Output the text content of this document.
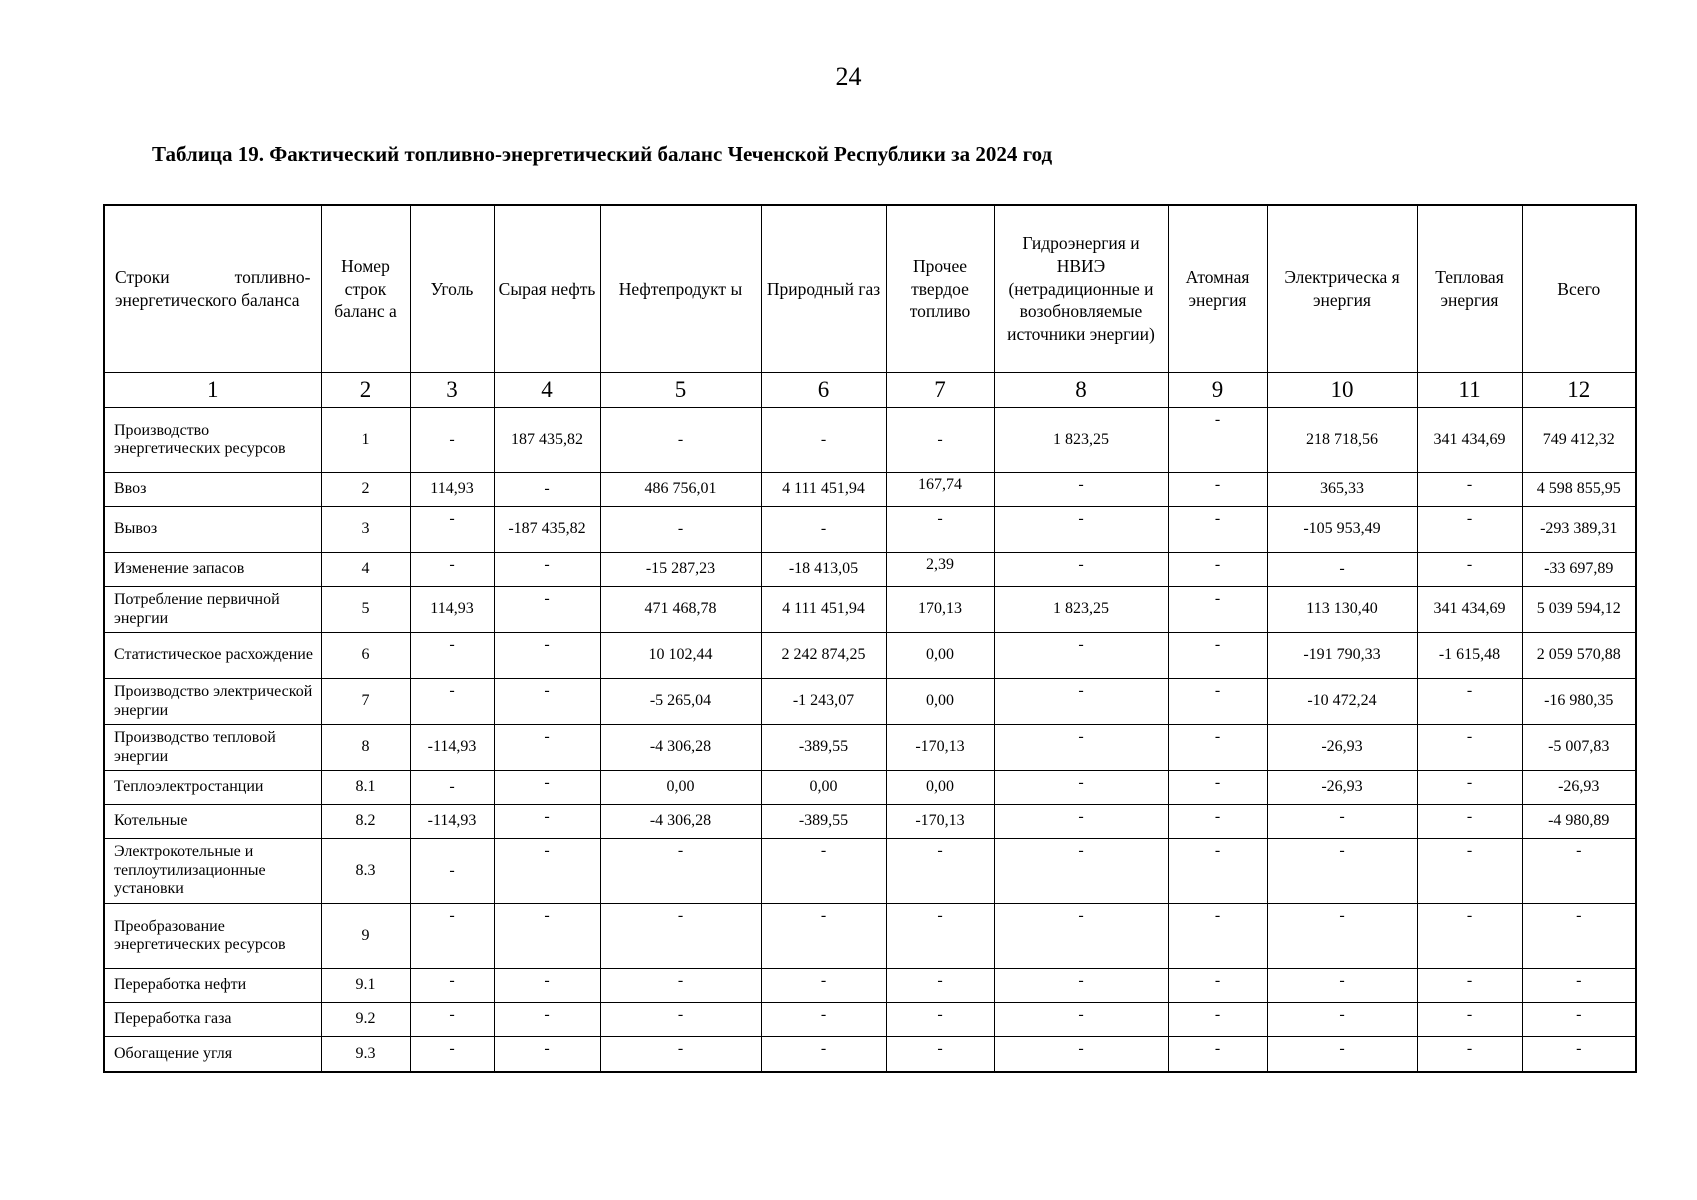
24
Таблица 19. Фактический топливно-энергетический баланс Чеченской Республики за 2024 год
Строки топливно-энергетического баланса	Номер строк баланс а	Уголь	Сырая нефть	Нефтепродукт ы	Природный газ	Прочее твердое топливо	Гидроэнергия и НВИЭ (нетрадиционные и возобновляемые источники энергии)	Атомная энергия	Электрическа я энергия	Тепловая энергия	Всего
1	2	3	4	5	6	7	8	9	10	11	12
Производство энергетических ресурсов	1	-	187 435,82	-	-	-	1 823,25	-	218 718,56	341 434,69	749 412,32
Ввоз	2	114,93	-	486 756,01	4 111 451,94	167,74	-	-	365,33	-	4 598 855,95
Вывоз	3	-	-187 435,82	-	-	-	-	-	-105 953,49	-	-293 389,31
Изменение запасов	4	-	-	-15 287,23	-18 413,05	2,39	-	-	-	-	-33 697,89
Потребление первичной энергии	5	114,93	-	471 468,78	4 111 451,94	170,13	1 823,25	-	113 130,40	341 434,69	5 039 594,12
Статистическое расхождение	6	-	-	10 102,44	2 242 874,25	0,00	-	-	-191 790,33	-1 615,48	2 059 570,88
Производство электрической энергии	7	-	-	-5 265,04	-1 243,07	0,00	-	-	-10 472,24	-	-16 980,35
Производство тепловой энергии	8	-114,93	-	-4 306,28	-389,55	-170,13	-	-	-26,93	-	-5 007,83
Теплоэлектростанции	8.1	-	-	0,00	0,00	0,00	-	-	-26,93	-	-26,93
Котельные	8.2	-114,93	-	-4 306,28	-389,55	-170,13	-	-	-	-	-4 980,89
Электрокотельные и теплоутилизационные установки	8.3	-	-	-	-	-	-	-	-	-	-
Преобразование энергетических ресурсов	9	-	-	-	-	-	-	-	-	-	-
Переработка нефти	9.1	-	-	-	-	-	-	-	-	-	-
Переработка газа	9.2	-	-	-	-	-	-	-	-	-	-
Обогащение угля	9.3	-	-	-	-	-	-	-	-	-	-
